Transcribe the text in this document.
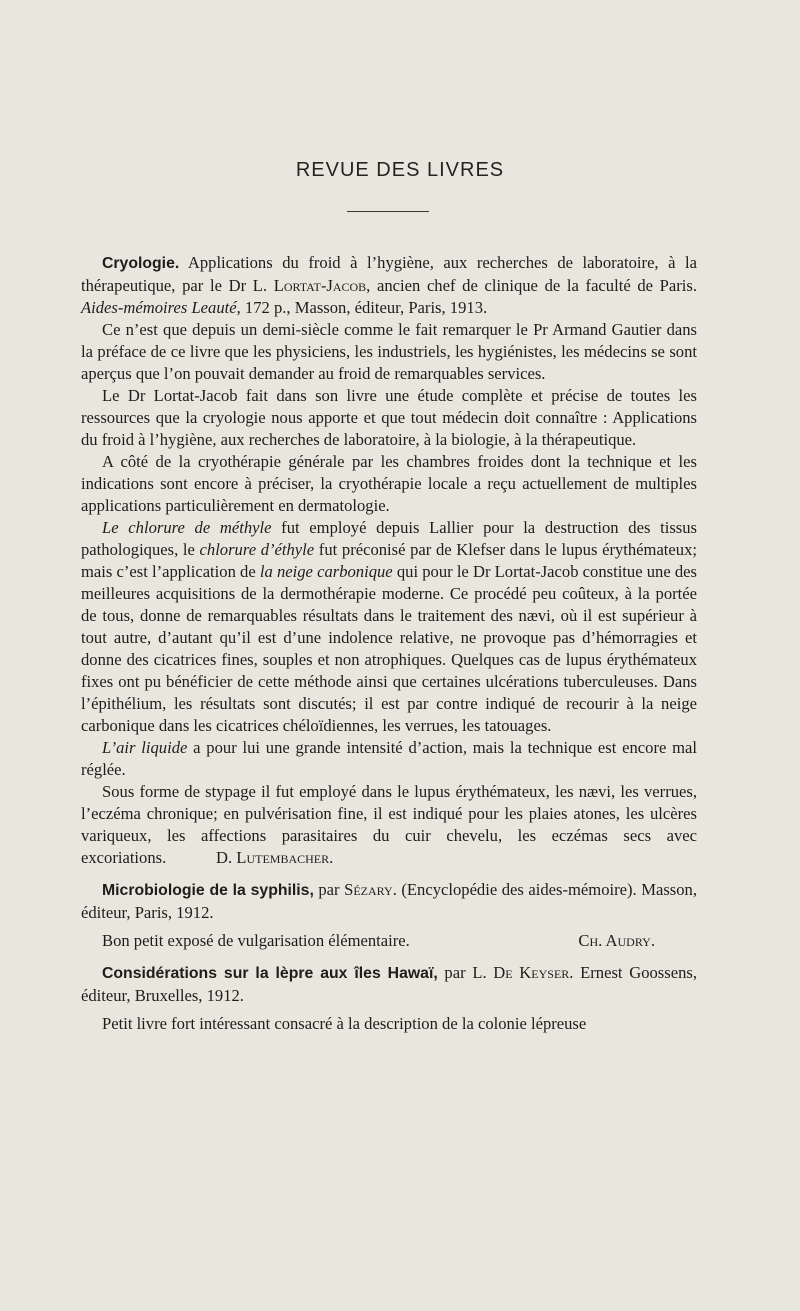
REVUE DES LIVRES

Cryologie. Applications du froid à l’hygiène, aux recherches de laboratoire, à la thérapeutique, par le Dr L. Lortat-Jacob, ancien chef de clinique de la faculté de Paris. Aides-mémoires Leauté, 172 p., Masson, éditeur, Paris, 1913.

Ce n’est que depuis un demi-siècle comme le fait remarquer le Pr Armand Gautier dans la préface de ce livre que les physiciens, les industriels, les hygiénistes, les médecins se sont aperçus que l’on pouvait demander au froid de remarquables services.

Le Dr Lortat-Jacob fait dans son livre une étude complète et précise de toutes les ressources que la cryologie nous apporte et que tout médecin doit connaître : Applications du froid à l’hygiène, aux recherches de laboratoire, à la biologie, à la thérapeutique.

A côté de la cryothérapie générale par les chambres froides dont la technique et les indications sont encore à préciser, la cryothérapie locale a reçu actuellement de multiples applications particulièrement en dermatologie.

Le chlorure de méthyle fut employé depuis Lallier pour la destruction des tissus pathologiques, le chlorure d’éthyle fut préconisé par de Klefser dans le lupus érythémateux; mais c’est l’application de la neige carbonique qui pour le Dr Lortat-Jacob constitue une des meilleures acquisitions de la dermothérapie moderne. Ce procédé peu coûteux, à la portée de tous, donne de remarquables résultats dans le traitement des nævi, où il est supérieur à tout autre, d’autant qu’il est d’une indolence relative, ne provoque pas d’hémorragies et donne des cicatrices fines, souples et non atrophiques. Quelques cas de lupus érythémateux fixes ont pu bénéficier de cette méthode ainsi que certaines ulcérations tuberculeuses. Dans l’épithélium, les résultats sont discutés; il est par contre indiqué de recourir à la neige carbonique dans les cicatrices chéloïdiennes, les verrues, les tatouages.

L’air liquide a pour lui une grande intensité d’action, mais la technique est encore mal réglée.

Sous forme de stypage il fut employé dans le lupus érythémateux, les nævi, les verrues, l’eczéma chronique; en pulvérisation fine, il est indiqué pour les plaies atones, les ulcères variqueux, les affections parasitaires du cuir chevelu, les eczémas secs avec excoriations.	D. Lutembacher.

Microbiologie de la syphilis, par Sézary. (Encyclopédie des aides-mémoire). Masson, éditeur, Paris, 1912.

Bon petit exposé de vulgarisation élémentaire.	Ch. Audry.

Considérations sur la lèpre aux îles Hawaï, par L. De Keyser. Ernest Goossens, éditeur, Bruxelles, 1912.

Petit livre fort intéressant consacré à la description de la colonie lépreuse
